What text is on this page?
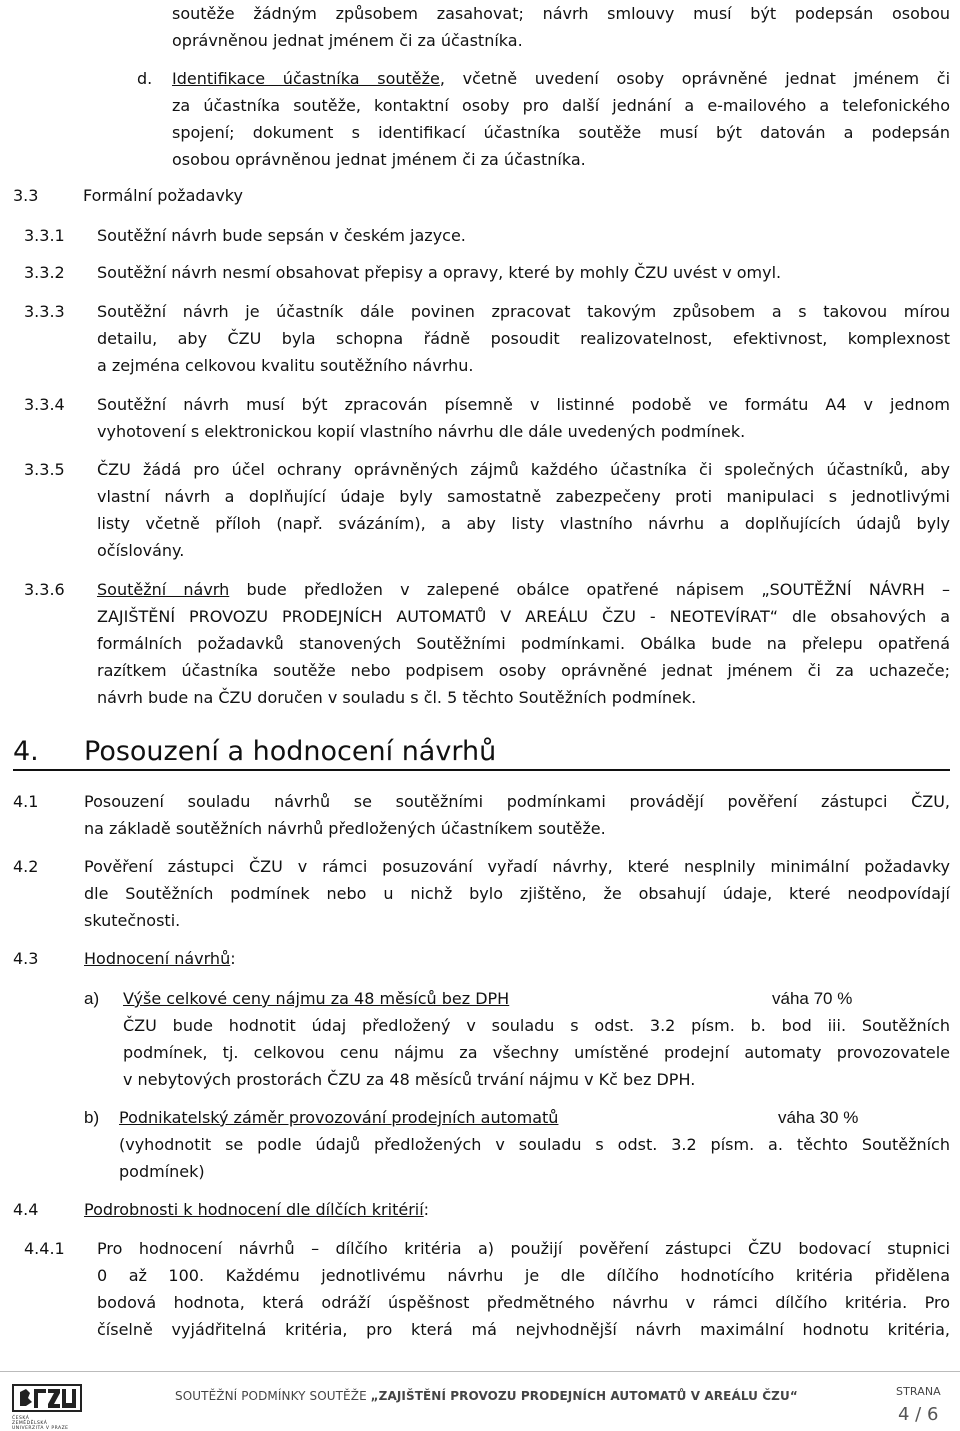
soutěže žádným způsobem zasahovat; návrh smlouvy musí být podepsán osobou
oprávněnou jednat jménem či za účastníka.
d. Identifikace účastníka soutěže, včetně uvedení osoby oprávněné jednat jménem či
za účastníka soutěže, kontaktní osoby pro další jednání a e-mailového a telefonického
spojení; dokument s identifikací účastníka soutěže musí být datován a podepsán
osobou oprávněnou jednat jménem či za účastníka.
3.3	Formální požadavky
3.3.1 Soutěžní návrh bude sepsán v českém jazyce.
3.3.2 Soutěžní návrh nesmí obsahovat přepisy a opravy, které by mohly ČZU uvést v omyl.
3.3.3 Soutěžní návrh je účastník dále povinen zpracovat takovým způsobem a s takovou mírou
detailu, aby ČZU byla schopna řádně posoudit realizovatelnost, efektivnost, komplexnost
a zejména celkovou kvalitu soutěžního návrhu.
3.3.4 Soutěžní návrh musí být zpracován písemně v listinné podobě ve formátu A4 v jednom
vyhotovení s elektronickou kopií vlastního návrhu dle dále uvedených podmínek.
3.3.5 ČZU žádá pro účel ochrany oprávněných zájmů každého účastníka či společných účastníků, aby
vlastní návrh a doplňující údaje byly samostatně zabezpečeny proti manipulaci s jednotlivými
listy včetně příloh (např. svázáním), a aby listy vlastního návrhu a doplňujících údajů byly
očíslovány.
3.3.6 Soutěžní návrh bude předložen v zalepené obálce opatřené nápisem „SOUTĚŽNÍ NÁVRH –
ZAJIŠTĚNÍ PROVOZU PRODEJNÍCH AUTOMATŮ V AREÁLU ČZU - NEOTEVÍRAT“ dle obsahových a
formálních požadavků stanovených Soutěžními podmínkami. Obálka bude na přelepu opatřená
razítkem účastníka soutěže nebo podpisem osoby oprávněné jednat jménem či za uchazeče;
návrh bude na ČZU doručen v souladu s čl. 5 těchto Soutěžních podmínek.
4. Posouzení a hodnocení návrhů
4.1	Posouzení souladu návrhů se soutěžními podmínkami provádějí pověření zástupci ČZU,
na základě soutěžních návrhů předložených účastníkem soutěže.
4.2	Pověření zástupci ČZU v rámci posuzování vyřadí návrhy, které nesplnily minimální požadavky
dle Soutěžních podmínek nebo u nichž bylo zjištěno, že obsahují údaje, které neodpovídají
skutečnosti.
4.3	Hodnocení návrhů:
a) Výše celkové ceny nájmu za 48 měsíců bez DPH	váha 70 %
ČZU bude hodnotit údaj předložený v souladu s odst. 3.2 písm. b. bod iii. Soutěžních
podmínek, tj. celkovou cenu nájmu za všechny umístěné prodejní automaty provozovatele
v nebytových prostorách ČZU za 48 měsíců trvání nájmu v Kč bez DPH.
b) Podnikatelský záměr provozování prodejních automatů	váha 30 %
(vyhodnotit se podle údajů předložených v souladu s odst. 3.2 písm. a. těchto Soutěžních
podmínek)
4.4	Podrobnosti k hodnocení dle dílčích kritérií:
4.4.1 Pro hodnocení návrhů – dílčího kritéria a) použijí pověření zástupci ČZU bodovací stupnici
0 až 100. Každému jednotlivému návrhu je dle dílčího hodnotícího kritéria přidělena
bodová hodnota, která odráží úspěšnost předmětného návrhu v rámci dílčího kritéria. Pro
číselně vyjádřitelná kritéria, pro která má nejvhodnější návrh maximální hodnotu kritéria,
ČESKÁ
ZEMĚDĚLSKÁ
UNIVERZITA V PRAZE
SOUTĚŽNÍ PODMÍNKY SOUTĚŽE „ZAJIŠTĚNÍ PROVOZU PRODEJNÍCH AUTOMATŮ V AREÁLU ČZU“	STRANA
4 / 6
